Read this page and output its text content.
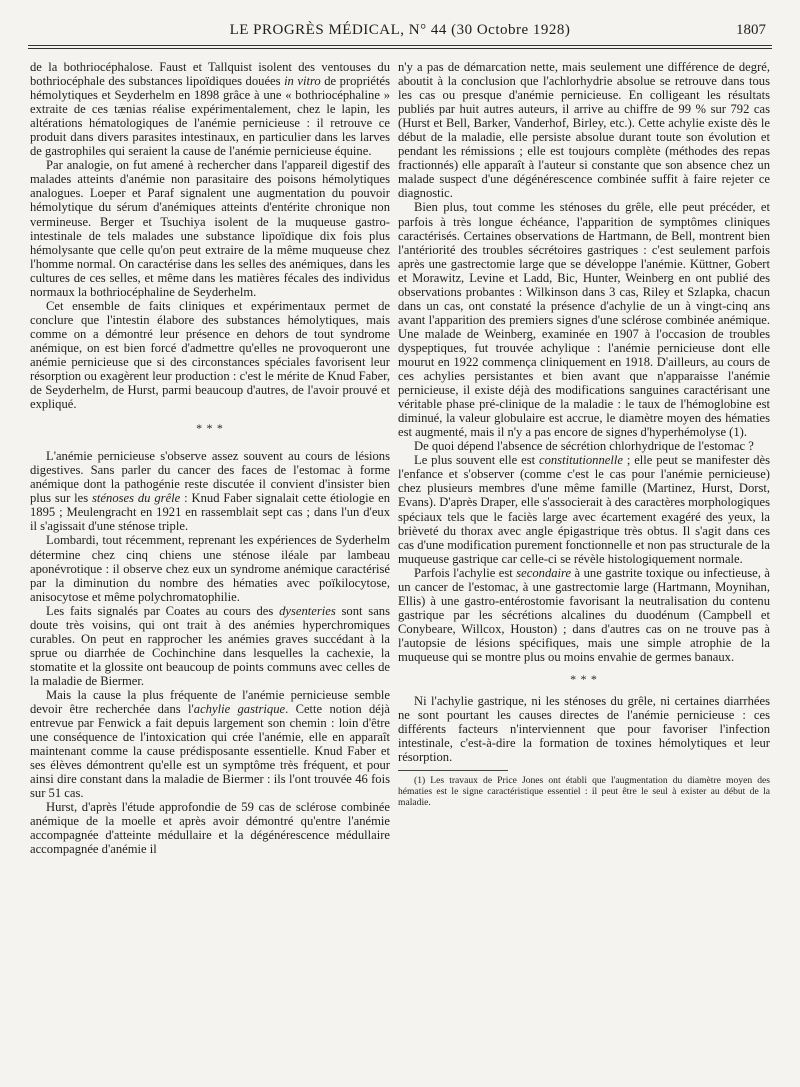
LE PROGRÈS MÉDICAL, N° 44 (30 Octobre 1928)	1807

de la bothriocéphalose. Faust et Tallquist isolent des ventouses du bothriocéphale des substances lipoïdiques douées in vitro de propriétés hémolytiques et Seyderhelm en 1898 grâce à une « bothriocéphaline » extraite de ces tænias réalise expérimentalement, chez le lapin, les altérations hématologiques de l'anémie pernicieuse : il retrouve ce produit dans divers parasites intestinaux, en particulier dans les larves de gastrophiles qui seraient la cause de l'anémie pernicieuse équine.

Par analogie, on fut amené à rechercher dans l'appareil digestif des malades atteints d'anémie non parasitaire des poisons hémolytiques analogues. Loeper et Paraf signalent une augmentation du pouvoir hémolytique du sérum d'anémiques atteints d'entérite chronique non vermineuse. Berger et Tsuchiya isolent de la muqueuse gastro-intestinale de tels malades une substance lipoïdique dix fois plus hémolysante que celle qu'on peut extraire de la même muqueuse chez l'homme normal. On caractérise dans les selles des anémiques, dans les cultures de ces selles, et même dans les matières fécales des individus normaux la bothriocéphaline de Seyderhelm.

Cet ensemble de faits cliniques et expérimentaux permet de conclure que l'intestin élabore des substances hémolytiques, mais comme on a démontré leur présence en dehors de tout syndrome anémique, on est bien forcé d'admettre qu'elles ne provoqueront une anémie pernicieuse que si des circonstances spéciales favorisent leur résorption ou exagèrent leur production : c'est le mérite de Knud Faber, de Seyderhelm, de Hurst, parmi beaucoup d'autres, de l'avoir prouvé et expliqué.

* * *

L'anémie pernicieuse s'observe assez souvent au cours de lésions digestives. Sans parler du cancer des faces de l'estomac à forme anémique dont la pathogénie reste discutée il convient d'insister bien plus sur les sténoses du grêle : Knud Faber signalait cette étiologie en 1895 ; Meulengracht en 1921 en rassemblait sept cas ; dans l'un d'eux il s'agissait d'une sténose triple.

Lombardi, tout récemment, reprenant les expériences de Syderhelm détermine chez cinq chiens une sténose iléale par lambeau aponévrotique : il observe chez eux un syndrome anémique caractérisé par la diminution du nombre des hématies avec poïkilocytose, anisocytose et même polychromatophilie.

Les faits signalés par Coates au cours des dysenteries sont sans doute très voisins, qui ont trait à des anémies hyperchromiques curables. On peut en rapprocher les anémies graves succédant à la sprue ou diarrhée de Cochinchine dans lesquelles la cachexie, la stomatite et la glossite ont beaucoup de points communs avec celles de la maladie de Biermer.

Mais la cause la plus fréquente de l'anémie pernicieuse semble devoir être recherchée dans l'achylie gastrique. Cette notion déjà entrevue par Fenwick a fait depuis largement son chemin : loin d'être une conséquence de l'intoxication qui crée l'anémie, elle en apparaît maintenant comme la cause prédisposante essentielle. Knud Faber et ses élèves démontrent qu'elle est un symptôme très fréquent, et pour ainsi dire constant dans la maladie de Biermer : ils l'ont trouvée 46 fois sur 51 cas.

Hurst, d'après l'étude approfondie de 59 cas de sclérose combinée anémique de la moelle et après avoir démontré qu'entre l'anémie accompagnée d'atteinte médullaire et la dégénérescence médullaire accompagnée d'anémie il

n'y a pas de démarcation nette, mais seulement une différence de degré, aboutit à la conclusion que l'achlorhydrie absolue se retrouve dans tous les cas ou presque d'anémie pernicieuse. En colligeant les résultats publiés par huit autres auteurs, il arrive au chiffre de 99 % sur 792 cas (Hurst et Bell, Barker, Vanderhof, Birley, etc.). Cette achylie existe dès le début de la maladie, elle persiste absolue durant toute son évolution et pendant les rémissions ; elle est toujours complète (méthodes des repas fractionnés) elle apparaît à l'auteur si constante que son absence chez un malade suspect d'une dégénérescence combinée suffit à faire rejeter ce diagnostic.

Bien plus, tout comme les sténoses du grêle, elle peut précéder, et parfois à très longue échéance, l'apparition de symptômes cliniques caractérisés. Certaines observations de Hartmann, de Bell, montrent bien l'antériorité des troubles sécrétoires gastriques : c'est seulement parfois après une gastrectomie large que se développe l'anémie. Küttner, Gobert et Morawitz, Levine et Ladd, Bic, Hunter, Weinberg en ont publié des observations probantes : Wilkinson dans 3 cas, Riley et Szlapka, chacun dans un cas, ont constaté la présence d'achylie de un à vingt-cinq ans avant l'apparition des premiers signes d'une sclérose combinée anémique. Une malade de Weinberg, examinée en 1907 à l'occasion de troubles dyspeptiques, fut trouvée achylique : l'anémie pernicieuse dont elle mourut en 1922 commença cliniquement en 1918. D'ailleurs, au cours de ces achylies persistantes et bien avant que n'apparaisse l'anémie pernicieuse, il existe déjà des modifications sanguines caractérisant une véritable phase pré-clinique de la maladie : le taux de l'hémoglobine est diminué, la valeur globulaire est accrue, le diamètre moyen des hématies est augmenté, mais il n'y a pas encore de signes d'hyperhémolyse (1).

De quoi dépend l'absence de sécrétion chlorhydrique de l'estomac ?

Le plus souvent elle est constitutionnelle ; elle peut se manifester dès l'enfance et s'observer (comme c'est le cas pour l'anémie pernicieuse) chez plusieurs membres d'une même famille (Martinez, Hurst, Dorst, Evans). D'après Draper, elle s'associerait à des caractères morphologiques spéciaux tels que le faciès large avec écartement exagéré des yeux, la brièveté du thorax avec angle épigastrique très obtus. Il s'agit dans ces cas d'une modification purement fonctionnelle et non pas structurale de la muqueuse gastrique car celle-ci se révèle histologiquement normale.

Parfois l'achylie est secondaire à une gastrite toxique ou infectieuse, à un cancer de l'estomac, à une gastrectomie large (Hartmann, Moynihan, Ellis) à une gastro-entérostomie favorisant la neutralisation du contenu gastrique par les sécrétions alcalines du duodénum (Campbell et Conybeare, Willcox, Houston) ; dans d'autres cas on ne trouve pas à l'autopsie de lésions spécifiques, mais une simple atrophie de la muqueuse qui se montre plus ou moins envahie de germes banaux.

* * *

Ni l'achylie gastrique, ni les sténoses du grêle, ni certaines diarrhées ne sont pourtant les causes directes de l'anémie pernicieuse : ces différents facteurs n'interviennent que pour favoriser l'infection intestinale, c'est-à-dire la formation de toxines hémolytiques et leur résorption.

(1) Les travaux de Price Jones ont établi que l'augmentation du diamètre moyen des hématies est le signe caractéristique essentiel : il peut être le seul à exister au début de la maladie.
